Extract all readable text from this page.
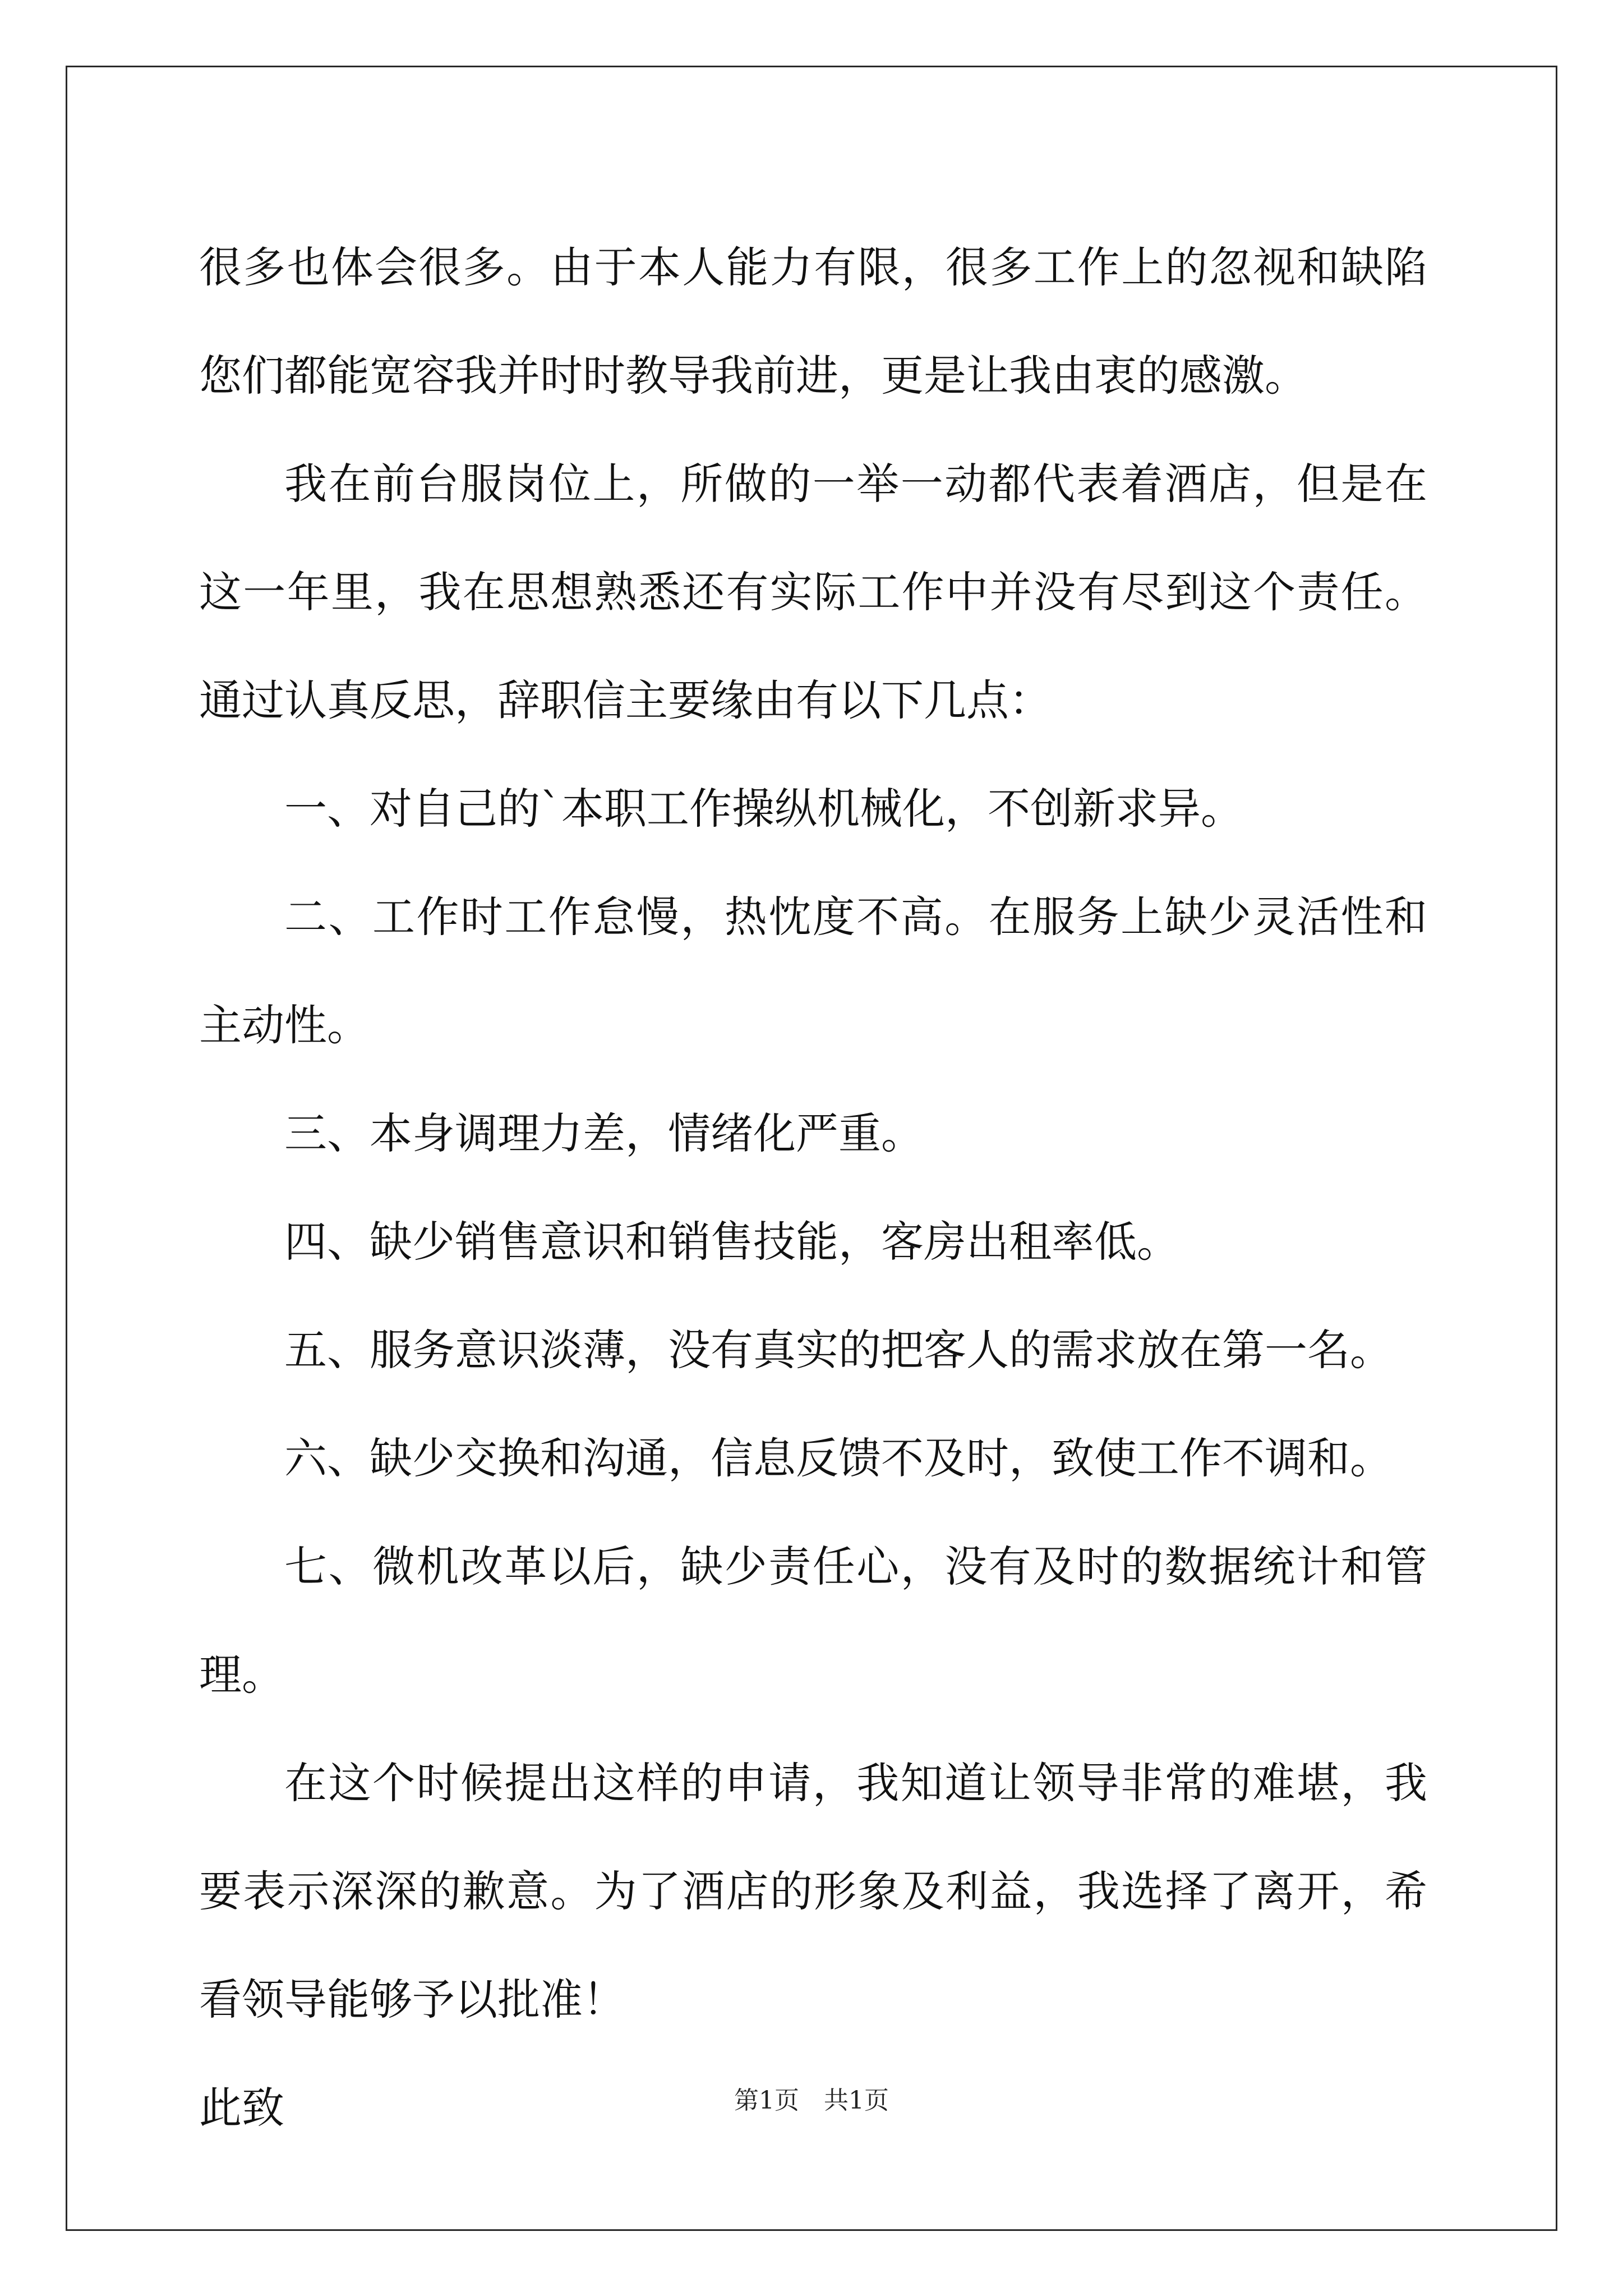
很多也体会很多。由于本人能力有限，很多工作上的忽视和缺陷您们都能宽容我并时时教导我前进，更是让我由衷的感激。

我在前台服岗位上，所做的一举一动都代表着酒店，但是在这一年里，我在思想熟悉还有实际工作中并没有尽到这个责任。通过认真反思，辞职信主要缘由有以下几点：

一、对自己的`本职工作操纵机械化，不创新求异。

二、工作时工作怠慢，热忱度不高。在服务上缺少灵活性和主动性。

三、本身调理力差，情绪化严重。

四、缺少销售意识和销售技能，客房出租率低。

五、服务意识淡薄，没有真实的把客人的需求放在第一名。

六、缺少交换和沟通，信息反馈不及时，致使工作不调和。

七、微机改革以后，缺少责任心，没有及时的数据统计和管理。

在这个时候提出这样的申请，我知道让领导非常的难堪，我要表示深深的歉意。为了酒店的形象及利益，我选择了离开，希看领导能够予以批准！

此致	第1页　共1页
